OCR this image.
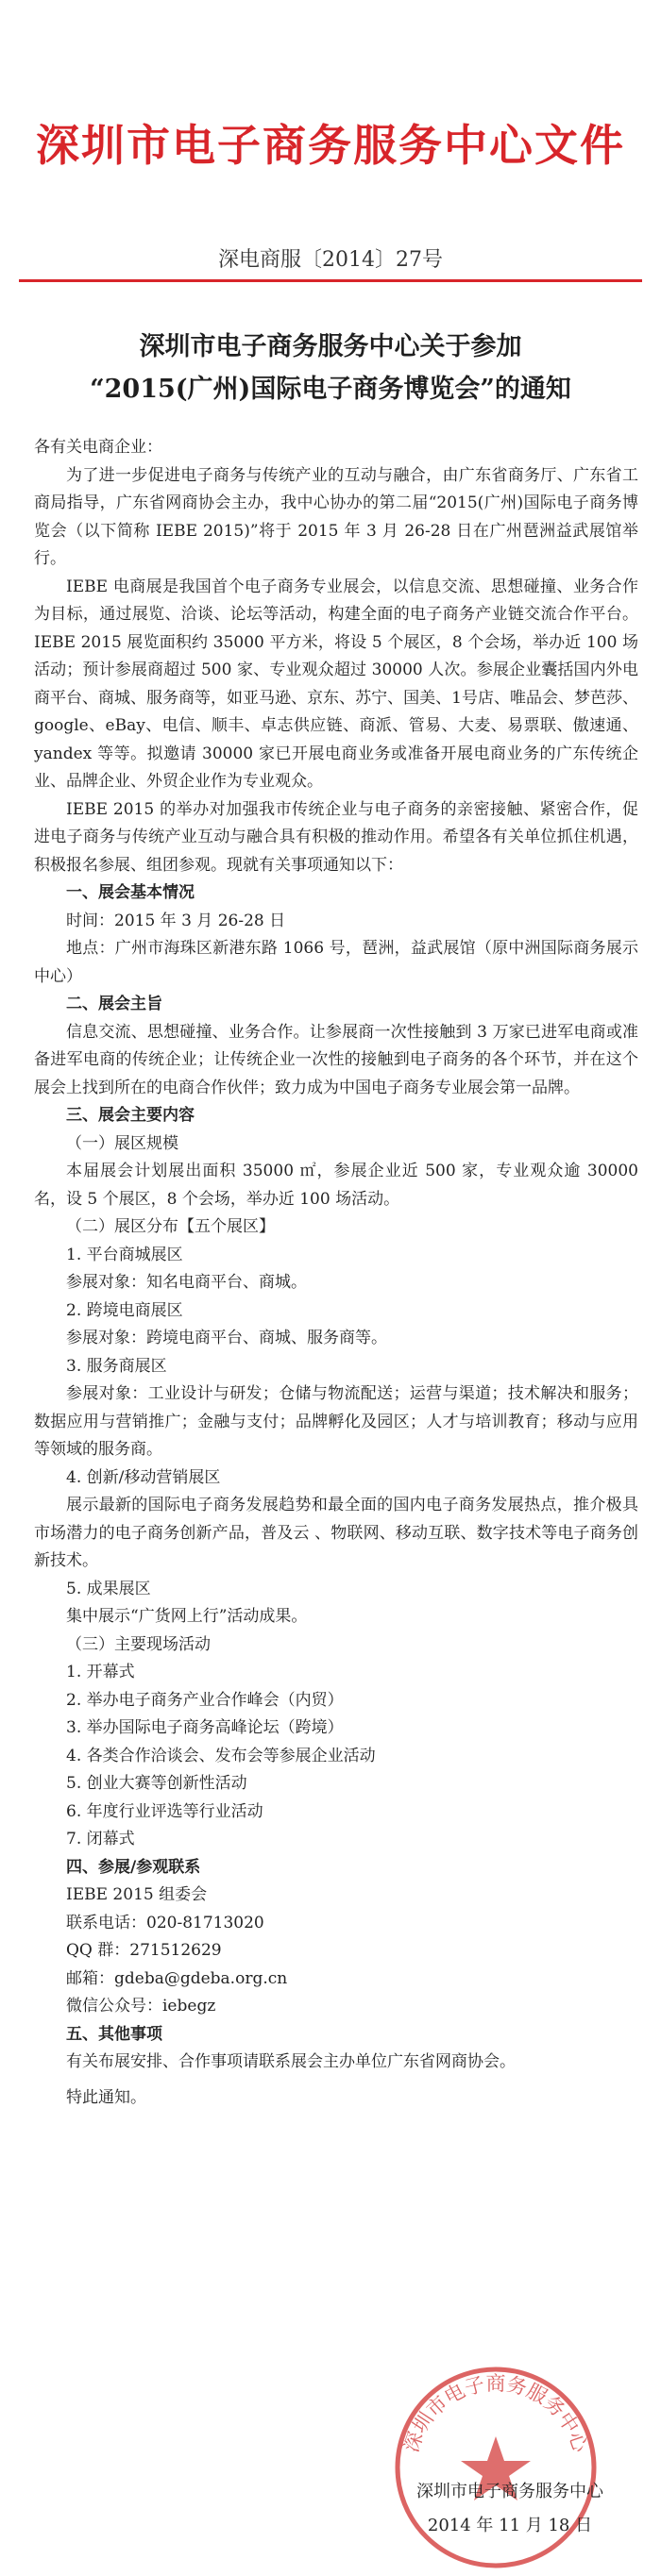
深圳市电子商务服务中心文件
深电商服〔2014〕27号
深圳市电子商务服务中心关于参加
“2015(广州)国际电子商务博览会”的通知

各有关电商企业：

为了进一步促进电子商务与传统产业的互动与融合，由广东省商务厅、广东省工商局指导，广东省网商协会主办，我中心协办的第二届“2015(广州)国际电子商务博览会（以下简称 IEBE 2015)”将于 2015 年 3 月 26-28 日在广州琶洲益武展馆举行。

IEBE 电商展是我国首个电子商务专业展会，以信息交流、思想碰撞、业务合作为目标，通过展览、洽谈、论坛等活动，构建全面的电子商务产业链交流合作平台。IEBE 2015 展览面积约 35000 平方米，将设 5 个展区，8 个会场，举办近 100 场活动；预计参展商超过 500 家、专业观众超过 30000 人次。参展企业囊括国内外电商平台、商城、服务商等，如亚马逊、京东、苏宁、国美、1号店、唯品会、梦芭莎、google、eBay、电信、顺丰、卓志供应链、商派、管易、大麦、易票联、傲速通、yandex 等等。拟邀请 30000 家已开展电商业务或准备开展电商业务的广东传统企业、品牌企业、外贸企业作为专业观众。

IEBE 2015 的举办对加强我市传统企业与电子商务的亲密接触、紧密合作，促进电子商务与传统产业互动与融合具有积极的推动作用。希望各有关单位抓住机遇，积极报名参展、组团参观。现就有关事项通知以下：

一、展会基本情况

时间：2015 年 3 月 26-28 日

地点：广州市海珠区新港东路 1066 号，琶洲，益武展馆（原中洲国际商务展示中心）

二、展会主旨

信息交流、思想碰撞、业务合作。让参展商一次性接触到 3 万家已进军电商或准备进军电商的传统企业；让传统企业一次性的接触到电子商务的各个环节，并在这个展会上找到所在的电商合作伙伴；致力成为中国电子商务专业展会第一品牌。

三、展会主要内容

（一）展区规模

本届展会计划展出面积 35000 ㎡，参展企业近 500 家，专业观众逾 30000 名，设 5 个展区，8 个会场，举办近 100 场活动。

（二）展区分布【五个展区】

1. 平台商城展区

参展对象：知名电商平台、商城。

2. 跨境电商展区

参展对象：跨境电商平台、商城、服务商等。

3. 服务商展区

参展对象：工业设计与研发；仓储与物流配送；运营与渠道；技术解决和服务；数据应用与营销推广；金融与支付；品牌孵化及园区；人才与培训教育；移动与应用等领域的服务商。

4. 创新/移动营销展区

展示最新的国际电子商务发展趋势和最全面的国内电子商务发展热点，推介极具市场潜力的电子商务创新产品，普及云 、物联网、移动互联、数字技术等电子商务创新技术。

5. 成果展区

集中展示“广货网上行”活动成果。

（三）主要现场活动

1. 开幕式

2. 举办电子商务产业合作峰会（内贸）

3. 举办国际电子商务高峰论坛（跨境）

4. 各类合作洽谈会、发布会等参展企业活动

5. 创业大赛等创新性活动

6. 年度行业评选等行业活动

7. 闭幕式

四、参展/参观联系

IEBE 2015 组委会

联系电话：020-81713020

QQ 群：271512629

邮箱：gdeba@gdeba.org.cn

微信公众号：iebegz

五、其他事项

有关布展安排、合作事项请联系展会主办单位广东省网商协会。

特此通知。

深圳市电子商务服务中心
深圳市电子商务服务中心
2014 年 11 月 18 日
